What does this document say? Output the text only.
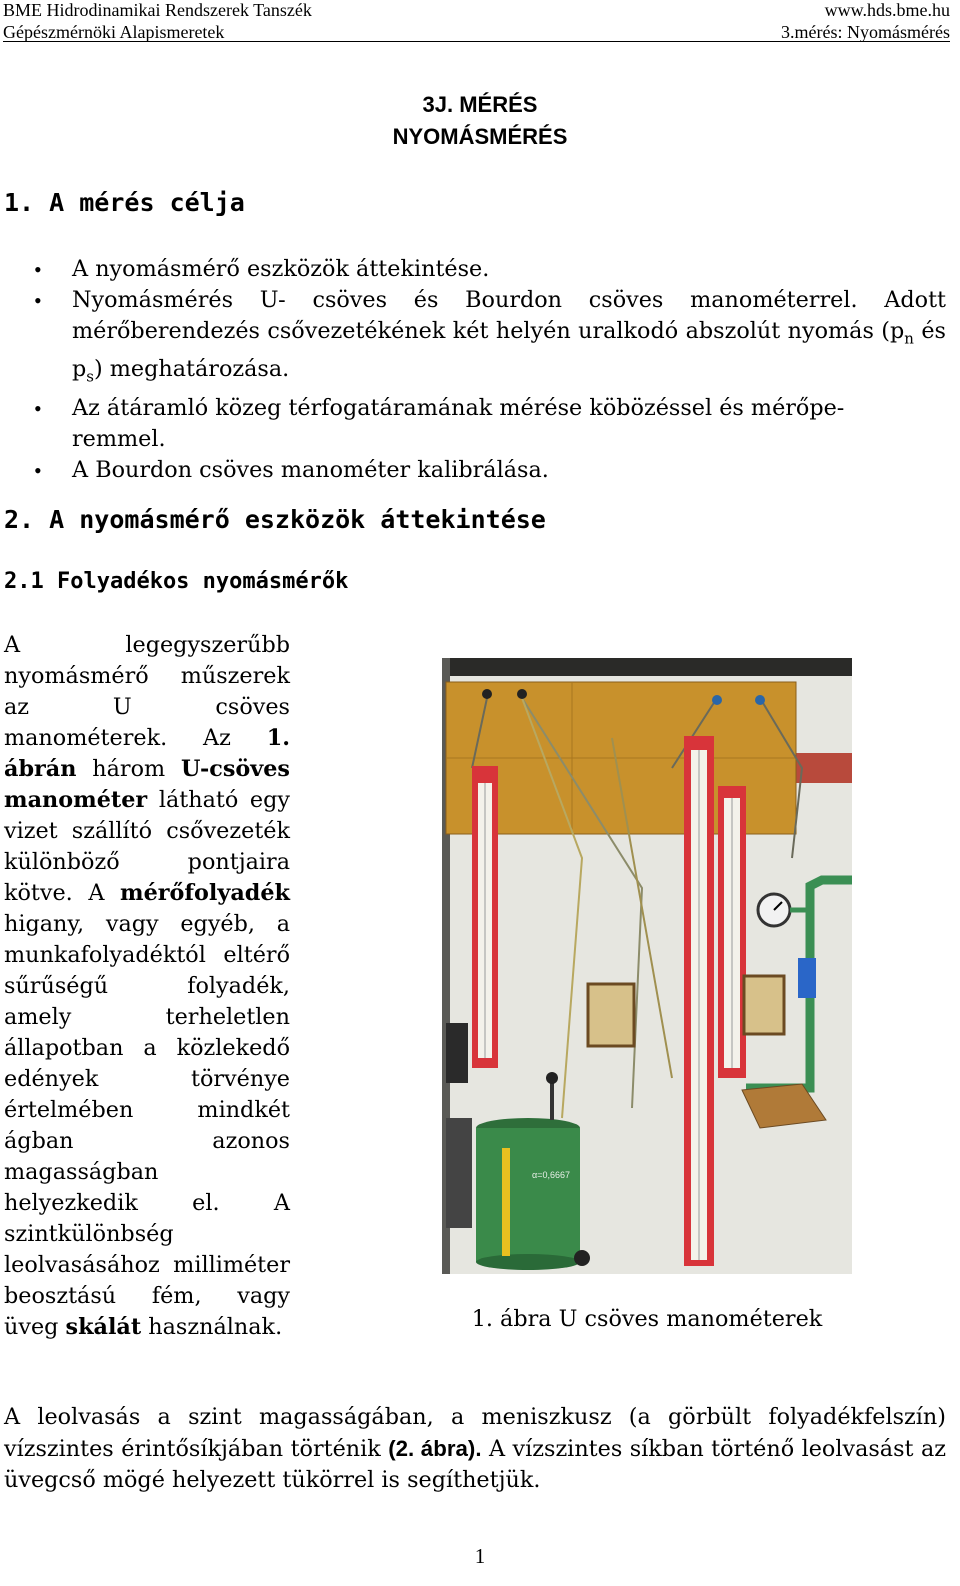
BME Hidrodinamikai Rendszerek Tanszék	www.hds.bme.hu
Gépészmérnöki Alapismeretek	3.mérés: Nyomásmérés
3J. MÉRÉS
NYOMÁSMÉRÉS
1. A mérés célja
• A nyomásmérő eszközök áttekintése.
• Nyomásmérés U- csöves és Bourdon csöves manométerrel. Adott mérőberendezés csővezetékének két helyén uralkodó abszolút nyomás ($p_n$ és $p_s$) meghatározása.
• Az átáramló közeg térfogatáramának mérése köbözéssel és mérőpe-
remmel.
• A Bourdon csöves manométer kalibrálása.
2. A nyomásmérő eszközök áttekintése
2.1 Folyadékos nyomásmérők

A legegyszerűbb nyomásmérő műszerek az U csöves manométerek. Az 1. ábrán három U-csöves manométer látható egy vizet szállító csővezeték különböző pontjaira kötve. A mérőfolyadék higany, vagy egyéb, a munkafolyadéktól eltérő sűrűségű folyadék, amely terheletlen állapotban a közlekedő edények törvénye értelmében mindkét ágban azonos magasságban helyezkedik el. A szintkülönbség leolvasásához milliméter beosztású fém, vagy üveg skálát használnak.

α=0,6667
1. ábra U csöves manométerek

A leolvasás a szint magasságában, a meniszkusz (a görbült folyadékfelszín) vízszintes érintősíkjában történik (2. ábra). A vízszintes síkban történő leolvasást az üvegcső mögé helyezett tükörrel is segíthetjük.

1
